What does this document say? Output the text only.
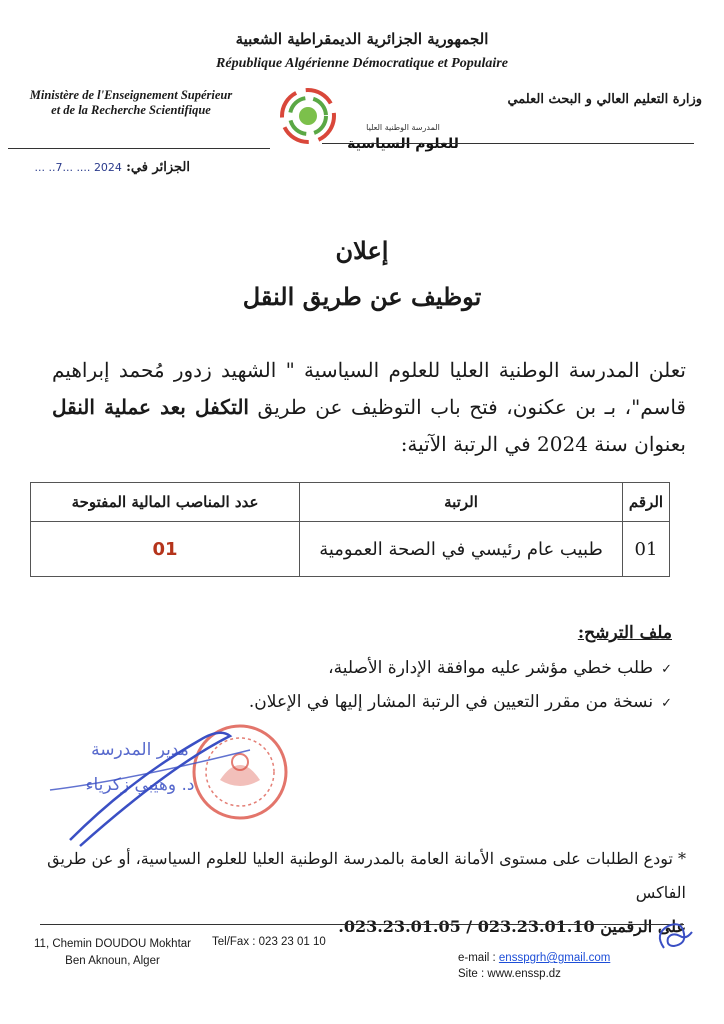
الجمهورية الجزائرية الديمقراطية الشعبية
République Algérienne Démocratique et Populaire
Ministère de l'Enseignement Supérieur
et de la Recherche Scientifique
وزارة التعليم العالي و البحث العلمي
المدرسة الوطنية العليا
للعلوم السياسية
الجزائر في: 2024 .... ...7.. ...
إعلان
توظيف عن طريق النقل
تعلن المدرسة الوطنية العليا للعلوم السياسية " الشهيد زدور مُحمد إبراهيم قاسم"، بـ بن عكنون، فتح باب التوظيف عن طريق التكفل بعد عملية النقل بعنوان سنة 2024 في الرتبة الآتية:
الرقم	الرتبة	عدد المناصب المالية المفتوحة
01	طبيب عام رئيسي في الصحة العمومية	01
ملف الترشح:
✓طلب خطي مؤشر عليه موافقة الإدارة الأصلية،
✓نسخة من مقرر التعيين في الرتبة المشار إليها في الإعلان.
مدير المدرسة
د. وهيبي زكرياء
* تودع الطلبات على مستوى الأمانة العامة بالمدرسة الوطنية العليا للعلوم السياسية، أو عن طريق الفاكس
على الرقمين 023.23.01.10 / 023.23.01.05.
11, Chemin DOUDOU Mokhtar
Ben Aknoun, Alger
Tel/Fax : 023 23 01 10
e-mail : ensspgrh@gmail.com
Site : www.enssp.dz
